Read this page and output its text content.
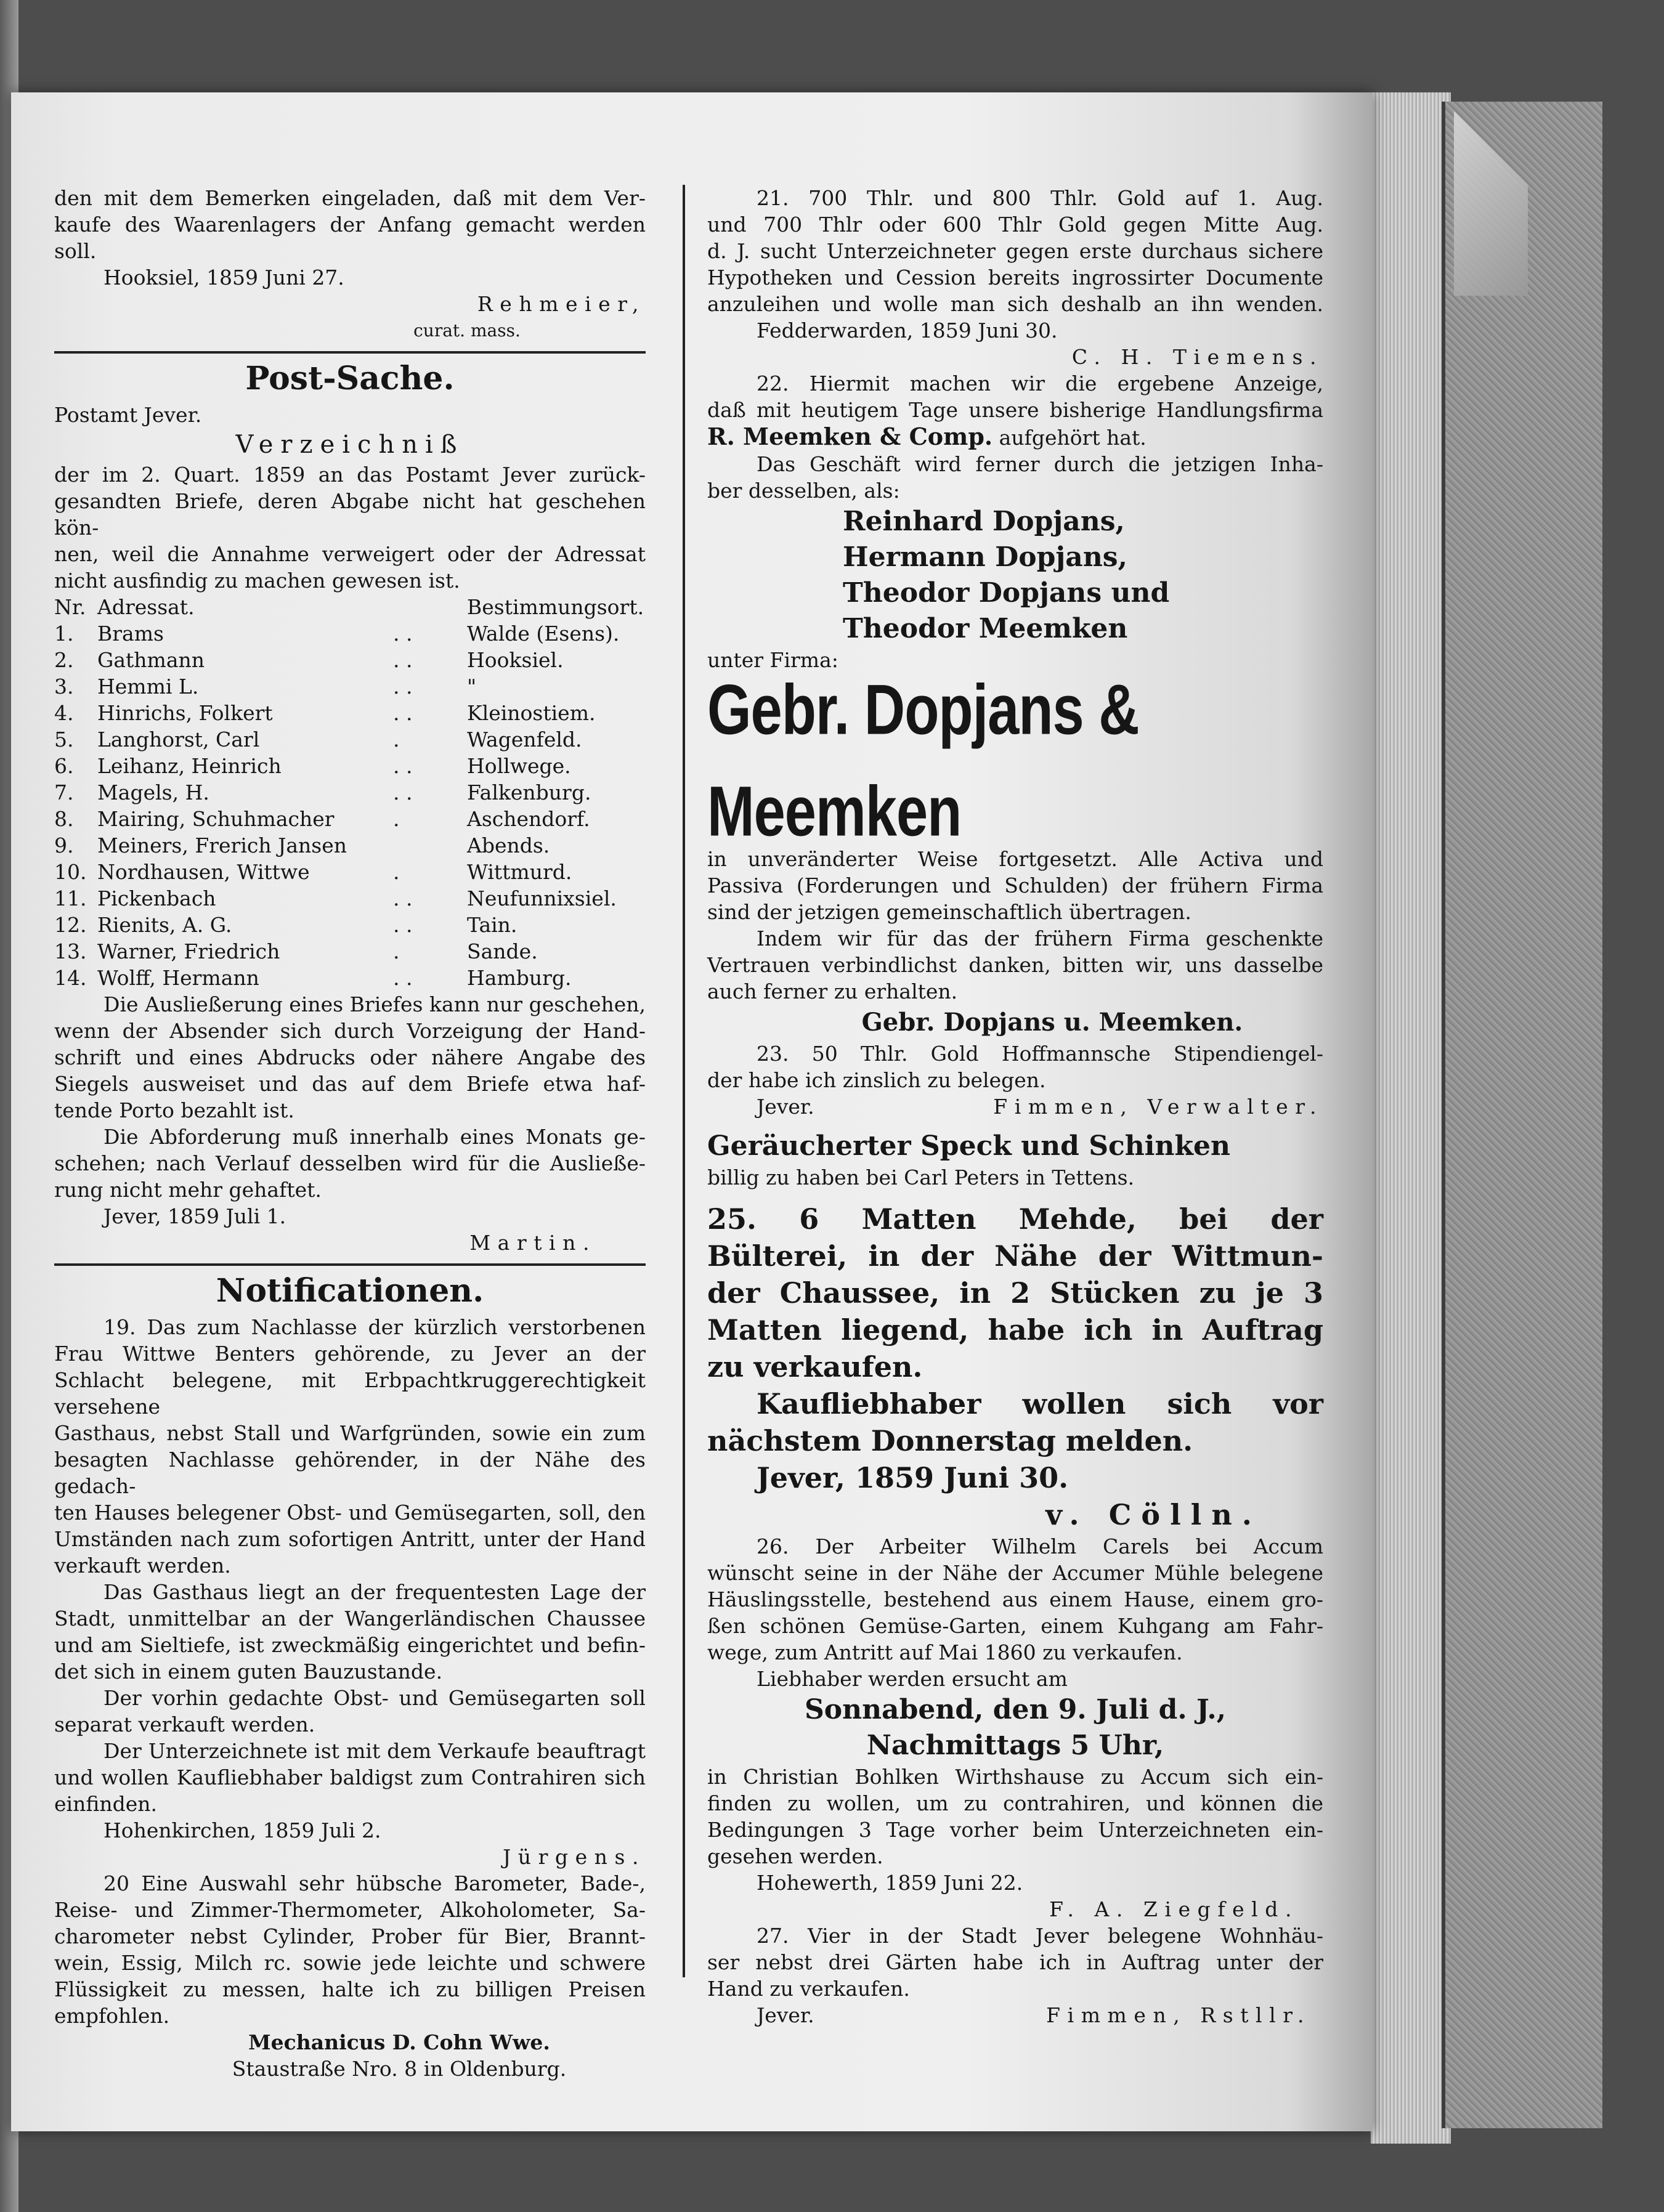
den mit dem Bemerken eingeladen, daß mit dem Ver-

kaufe des Waarenlagers der Anfang gemacht werden soll.

Hooksiel, 1859 Juni 27.

Rehmeier,

curat. mass.

Post-Sache.

Postamt Jever.

Verzeichniß

der im 2. Quart. 1859 an das Postamt Jever zurück-

gesandten Briefe, deren Abgabe nicht hat geschehen kön-

nen, weil die Annahme verweigert oder der Adressat

nicht ausfindig zu machen gewesen ist.

Nr. Adressat.	Bestimmungsort.
1.	Brams	. .	Walde (Esens).
2.	Gathmann	. .	Hooksiel.
3.	Hemmi L.	. .	"
4.	Hinrichs, Folkert	. .	Kleinostiem.
5.	Langhorst, Carl	.	Wagenfeld.
6.	Leihanz, Heinrich	. .	Hollwege.
7.	Magels, H.	. .	Falkenburg.
8.	Mairing, Schuhmacher	.	Aschendorf.
9.	Meiners, Frerich Jansen	Abends.
10. Nordhausen, Wittwe	.	Wittmurd.
11. Pickenbach	. .	Neufunnixsiel.
12. Rienits, A. G.	. .	Tain.
13. Warner, Friedrich	.	Sande.
14. Wolff, Hermann	. .	Hamburg.

Die Ausließerung eines Briefes kann nur geschehen,

wenn der Absender sich durch Vorzeigung der Hand-

schrift und eines Abdrucks oder nähere Angabe des

Siegels ausweiset und das auf dem Briefe etwa haf-

tende Porto bezahlt ist.

Die Abforderung muß innerhalb eines Monats ge-

schehen; nach Verlauf desselben wird für die Ausließe-

rung nicht mehr gehaftet.

Jever, 1859 Juli 1.

Martin.

Notificationen.

19. Das zum Nachlasse der kürzlich verstorbenen

Frau Wittwe Benters gehörende, zu Jever an der

Schlacht belegene, mit Erbpachtkruggerechtigkeit versehene

Gasthaus, nebst Stall und Warfgründen, sowie ein zum

besagten Nachlasse gehörender, in der Nähe des gedach-

ten Hauses belegener Obst- und Gemüsegarten, soll, den

Umständen nach zum sofortigen Antritt, unter der Hand

verkauft werden.

Das Gasthaus liegt an der frequentesten Lage der

Stadt, unmittelbar an der Wangerländischen Chaussee

und am Sieltiefe, ist zweckmäßig eingerichtet und befin-

det sich in einem guten Bauzustande.

Der vorhin gedachte Obst- und Gemüsegarten soll

separat verkauft werden.

Der Unterzeichnete ist mit dem Verkaufe beauftragt

und wollen Kaufliebhaber baldigst zum Contrahiren sich

einfinden.

Hohenkirchen, 1859 Juli 2.

Jürgens.

20 Eine Auswahl sehr hübsche Barometer, Bade-,

Reise- und Zimmer-Thermometer, Alkoholometer, Sa-

charometer nebst Cylinder, Prober für Bier, Brannt-

wein, Essig, Milch rc. sowie jede leichte und schwere

Flüssigkeit zu messen, halte ich zu billigen Preisen

empfohlen.

Mechanicus D. Cohn Wwe.

Staustraße Nro. 8 in Oldenburg.

21. 700 Thlr. und 800 Thlr. Gold auf 1. Aug.

und 700 Thlr oder 600 Thlr Gold gegen Mitte Aug.

d. J. sucht Unterzeichneter gegen erste durchaus sichere

Hypotheken und Cession bereits ingrossirter Documente

anzuleihen und wolle man sich deshalb an ihn wenden.

Fedderwarden, 1859 Juni 30.

C. H. Tiemens.

22. Hiermit machen wir die ergebene Anzeige,

daß mit heutigem Tage unsere bisherige Handlungsfirma

R. Meemken & Comp. aufgehört hat.

Das Geschäft wird ferner durch die jetzigen Inha-

ber desselben, als:

Reinhard Dopjans,

Hermann Dopjans,

Theodor Dopjans und

Theodor Meemken

unter Firma:

Gebr. Dopjans & Meemken

in unveränderter Weise fortgesetzt. Alle Activa und

Passiva (Forderungen und Schulden) der frühern Firma

sind der jetzigen gemeinschaftlich übertragen.

Indem wir für das der frühern Firma geschenkte

Vertrauen verbindlichst danken, bitten wir, uns dasselbe

auch ferner zu erhalten.

Gebr. Dopjans u. Meemken.

23. 50 Thlr. Gold Hoffmannsche Stipendiengel-

der habe ich zinslich zu belegen.

Jever.	Fimmen, Verwalter.

Geräucherter Speck und Schinken

billig zu haben bei Carl Peters in Tettens.

25. 6 Matten Mehde, bei der

Bülterei, in der Nähe der Wittmun-

der Chaussee, in 2 Stücken zu je 3

Matten liegend, habe ich in Auftrag

zu verkaufen.

Kaufliebhaber wollen sich vor

nächstem Donnerstag melden.

Jever, 1859 Juni 30.

v. Cölln.

26. Der Arbeiter Wilhelm Carels bei Accum

wünscht seine in der Nähe der Accumer Mühle belegene

Häuslingsstelle, bestehend aus einem Hause, einem gro-

ßen schönen Gemüse-Garten, einem Kuhgang am Fahr-

wege, zum Antritt auf Mai 1860 zu verkaufen.

Liebhaber werden ersucht am

Sonnabend, den 9. Juli d. J.,

Nachmittags 5 Uhr,

in Christian Bohlken Wirthshause zu Accum sich ein-

finden zu wollen, um zu contrahiren, und können die

Bedingungen 3 Tage vorher beim Unterzeichneten ein-

gesehen werden.

Hohewerth, 1859 Juni 22.

F. A. Ziegfeld.

27. Vier in der Stadt Jever belegene Wohnhäu-

ser nebst drei Gärten habe ich in Auftrag unter der

Hand zu verkaufen.

Jever.	Fimmen, Rstllr.
